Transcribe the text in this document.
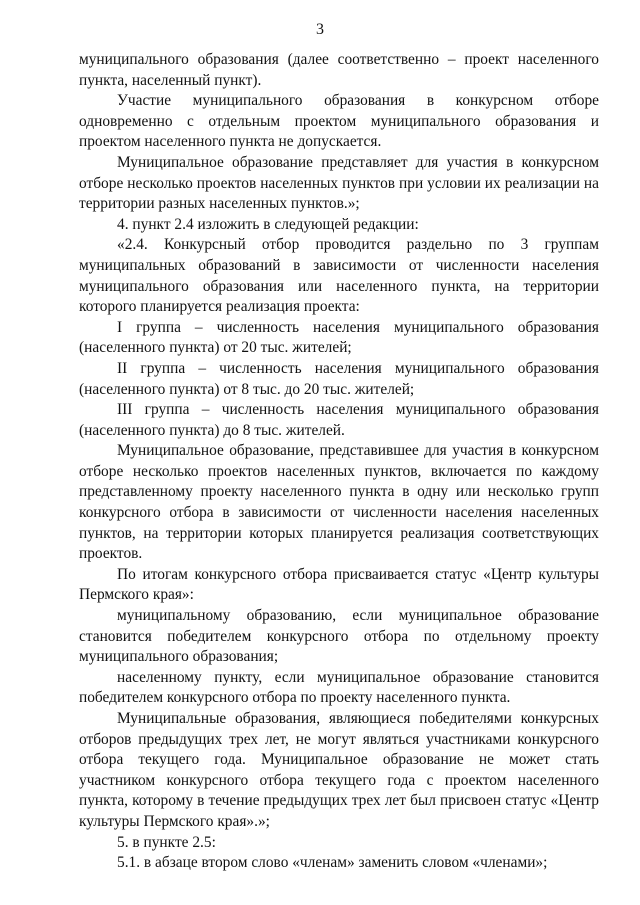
3

муниципального образования (далее соответственно – проект населенного пункта, населенный пункт).

Участие муниципального образования в конкурсном отборе одновременно с отдельным проектом муниципального образования и проектом населенного пункта не допускается.

Муниципальное образование представляет для участия в конкурсном отборе несколько проектов населенных пунктов при условии их реализации на территории разных населенных пунктов.»;

4. пункт 2.4 изложить в следующей редакции:

«2.4. Конкурсный отбор проводится раздельно по 3 группам муниципальных образований в зависимости от численности населения муниципального образования или населенного пункта, на территории которого планируется реализация проекта:

I группа – численность населения муниципального образования (населенного пункта) от 20 тыс. жителей;

II группа – численность населения муниципального образования (населенного пункта) от 8 тыс. до 20 тыс. жителей;

III группа – численность населения муниципального образования (населенного пункта) до 8 тыс. жителей.

Муниципальное образование, представившее для участия в конкурсном отборе несколько проектов населенных пунктов, включается по каждому представленному проекту населенного пункта в одну или несколько групп конкурсного отбора в зависимости от численности населения населенных пунктов, на территории которых планируется реализация соответствующих проектов.

По итогам конкурсного отбора присваивается статус «Центр культуры Пермского края»:

муниципальному образованию, если муниципальное образование становится победителем конкурсного отбора по отдельному проекту муниципального образования;

населенному пункту, если муниципальное образование становится победителем конкурсного отбора по проекту населенного пункта.

Муниципальные образования, являющиеся победителями конкурсных отборов предыдущих трех лет, не могут являться участниками конкурсного отбора текущего года. Муниципальное образование не может стать участником конкурсного отбора текущего года с проектом населенного пункта, которому в течение предыдущих трех лет был присвоен статус «Центр культуры Пермского края».»;

5. в пункте 2.5:

5.1. в абзаце втором слово «членам» заменить словом «членами»;
